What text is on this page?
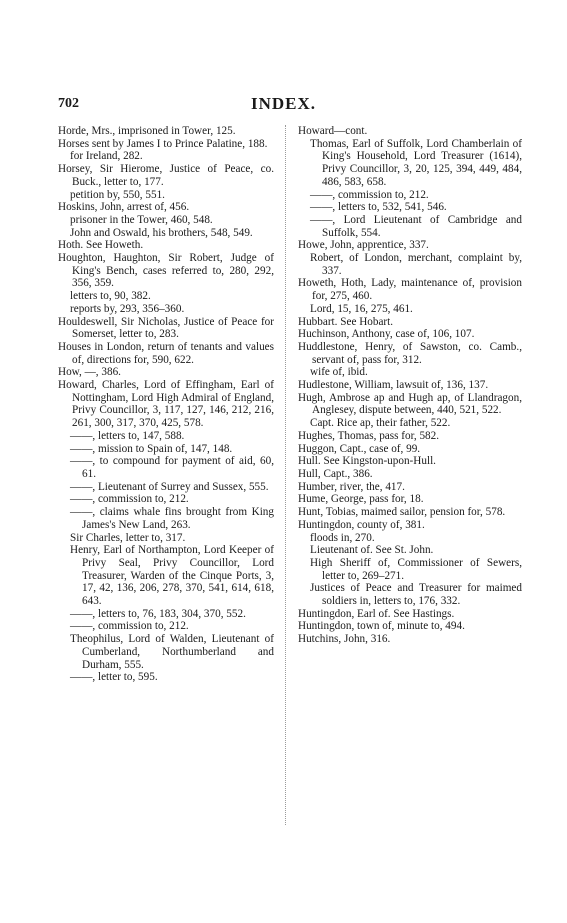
702	INDEX.
Horde, Mrs., imprisoned in Tower, 125.
Horses sent by James I to Prince Palatine, 188.
for Ireland, 282.
Horsey, Sir Hierome, Justice of Peace, co. Buck., letter to, 177.
petition by, 550, 551.
Hoskins, John, arrest of, 456.
prisoner in the Tower, 460, 548.
John and Oswald, his brothers, 548, 549.
Hoth. See Howeth.
Houghton, Haughton, Sir Robert, Judge of King's Bench, cases referred to, 280, 292, 356, 359.
letters to, 90, 382.
reports by, 293, 356–360.
Houldeswell, Sir Nicholas, Justice of Peace for Somerset, letter to, 283.
Houses in London, return of tenants and values of, directions for, 590, 622.
How, —, 386.
Howard, Charles, Lord of Effingham, Earl of Nottingham, Lord High Admiral of England, Privy Councillor, 3, 117, 127, 146, 212, 216, 261, 300, 317, 370, 425, 578.
——, letters to, 147, 588.
——, mission to Spain of, 147, 148.
——, to compound for payment of aid, 60, 61.
——, Lieutenant of Surrey and Sussex, 555.
——, commission to, 212.
——, claims whale fins brought from King James's New Land, 263.
Sir Charles, letter to, 317.
Henry, Earl of Northampton, Lord Keeper of Privy Seal, Privy Councillor, Lord Treasurer, Warden of the Cinque Ports, 3, 17, 42, 136, 206, 278, 370, 541, 614, 618, 643.
——, letters to, 76, 183, 304, 370, 552.
——, commission to, 212.
Theophilus, Lord of Walden, Lieutenant of Cumberland, Northumberland and Durham, 555.
——, letter to, 595.
Howard—cont.
Thomas, Earl of Suffolk, Lord Chamberlain of King's Household, Lord Treasurer (1614), Privy Councillor, 3, 20, 125, 394, 449, 484, 486, 583, 658.
——, commission to, 212.
——, letters to, 532, 541, 546.
——, Lord Lieutenant of Cambridge and Suffolk, 554.
Howe, John, apprentice, 337.
Robert, of London, merchant, complaint by, 337.
Howeth, Hoth, Lady, maintenance of, provision for, 275, 460.
Lord, 15, 16, 275, 461.
Hubbart. See Hobart.
Huchinson, Anthony, case of, 106, 107.
Huddlestone, Henry, of Sawston, co. Camb., servant of, pass for, 312.
wife of, ibid.
Hudlestone, William, lawsuit of, 136, 137.
Hugh, Ambrose ap and Hugh ap, of Llandragon, Anglesey, dispute between, 440, 521, 522.
Capt. Rice ap, their father, 522.
Hughes, Thomas, pass for, 582.
Huggon, Capt., case of, 99.
Hull. See Kingston-upon-Hull.
Hull, Capt., 386.
Humber, river, the, 417.
Hume, George, pass for, 18.
Hunt, Tobias, maimed sailor, pension for, 578.
Huntingdon, county of, 381.
floods in, 270.
Lieutenant of. See St. John.
High Sheriff of, Commissioner of Sewers, letter to, 269–271.
Justices of Peace and Treasurer for maimed soldiers in, letters to, 176, 332.
Huntingdon, Earl of. See Hastings.
Huntingdon, town of, minute to, 494.
Hutchins, John, 316.
